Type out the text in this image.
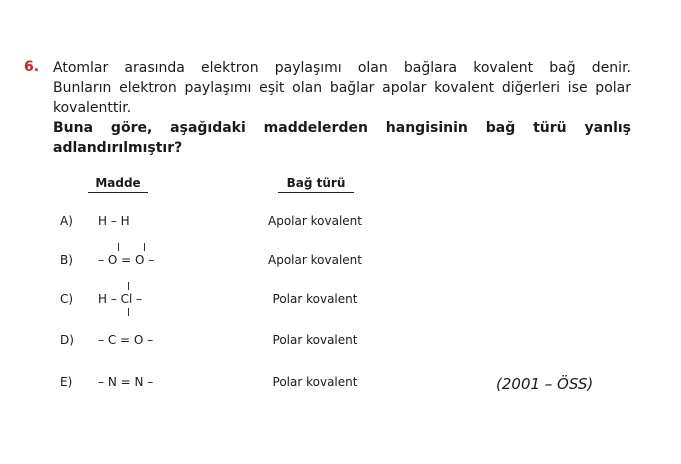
6. Atomlar arasında elektron paylaşımı olan bağlara kovalent bağ denir.
Bunların elektron paylaşımı eşit olan bağlar apolar kovalent diğerleri ise polar
kovalenttir.
Buna göre, aşağıdaki maddelerden hangisinin bağ türü yanlış
adlandırılmıştır?
Madde	Bağ türü
A) H – H	Apolar kovalent
B) – O = O –	Apolar kovalent
C) H – Cl –	Polar kovalent
D) – C = O –	Polar kovalent
E) – N = N –	Polar kovalent	(2001 – ÖSS)
